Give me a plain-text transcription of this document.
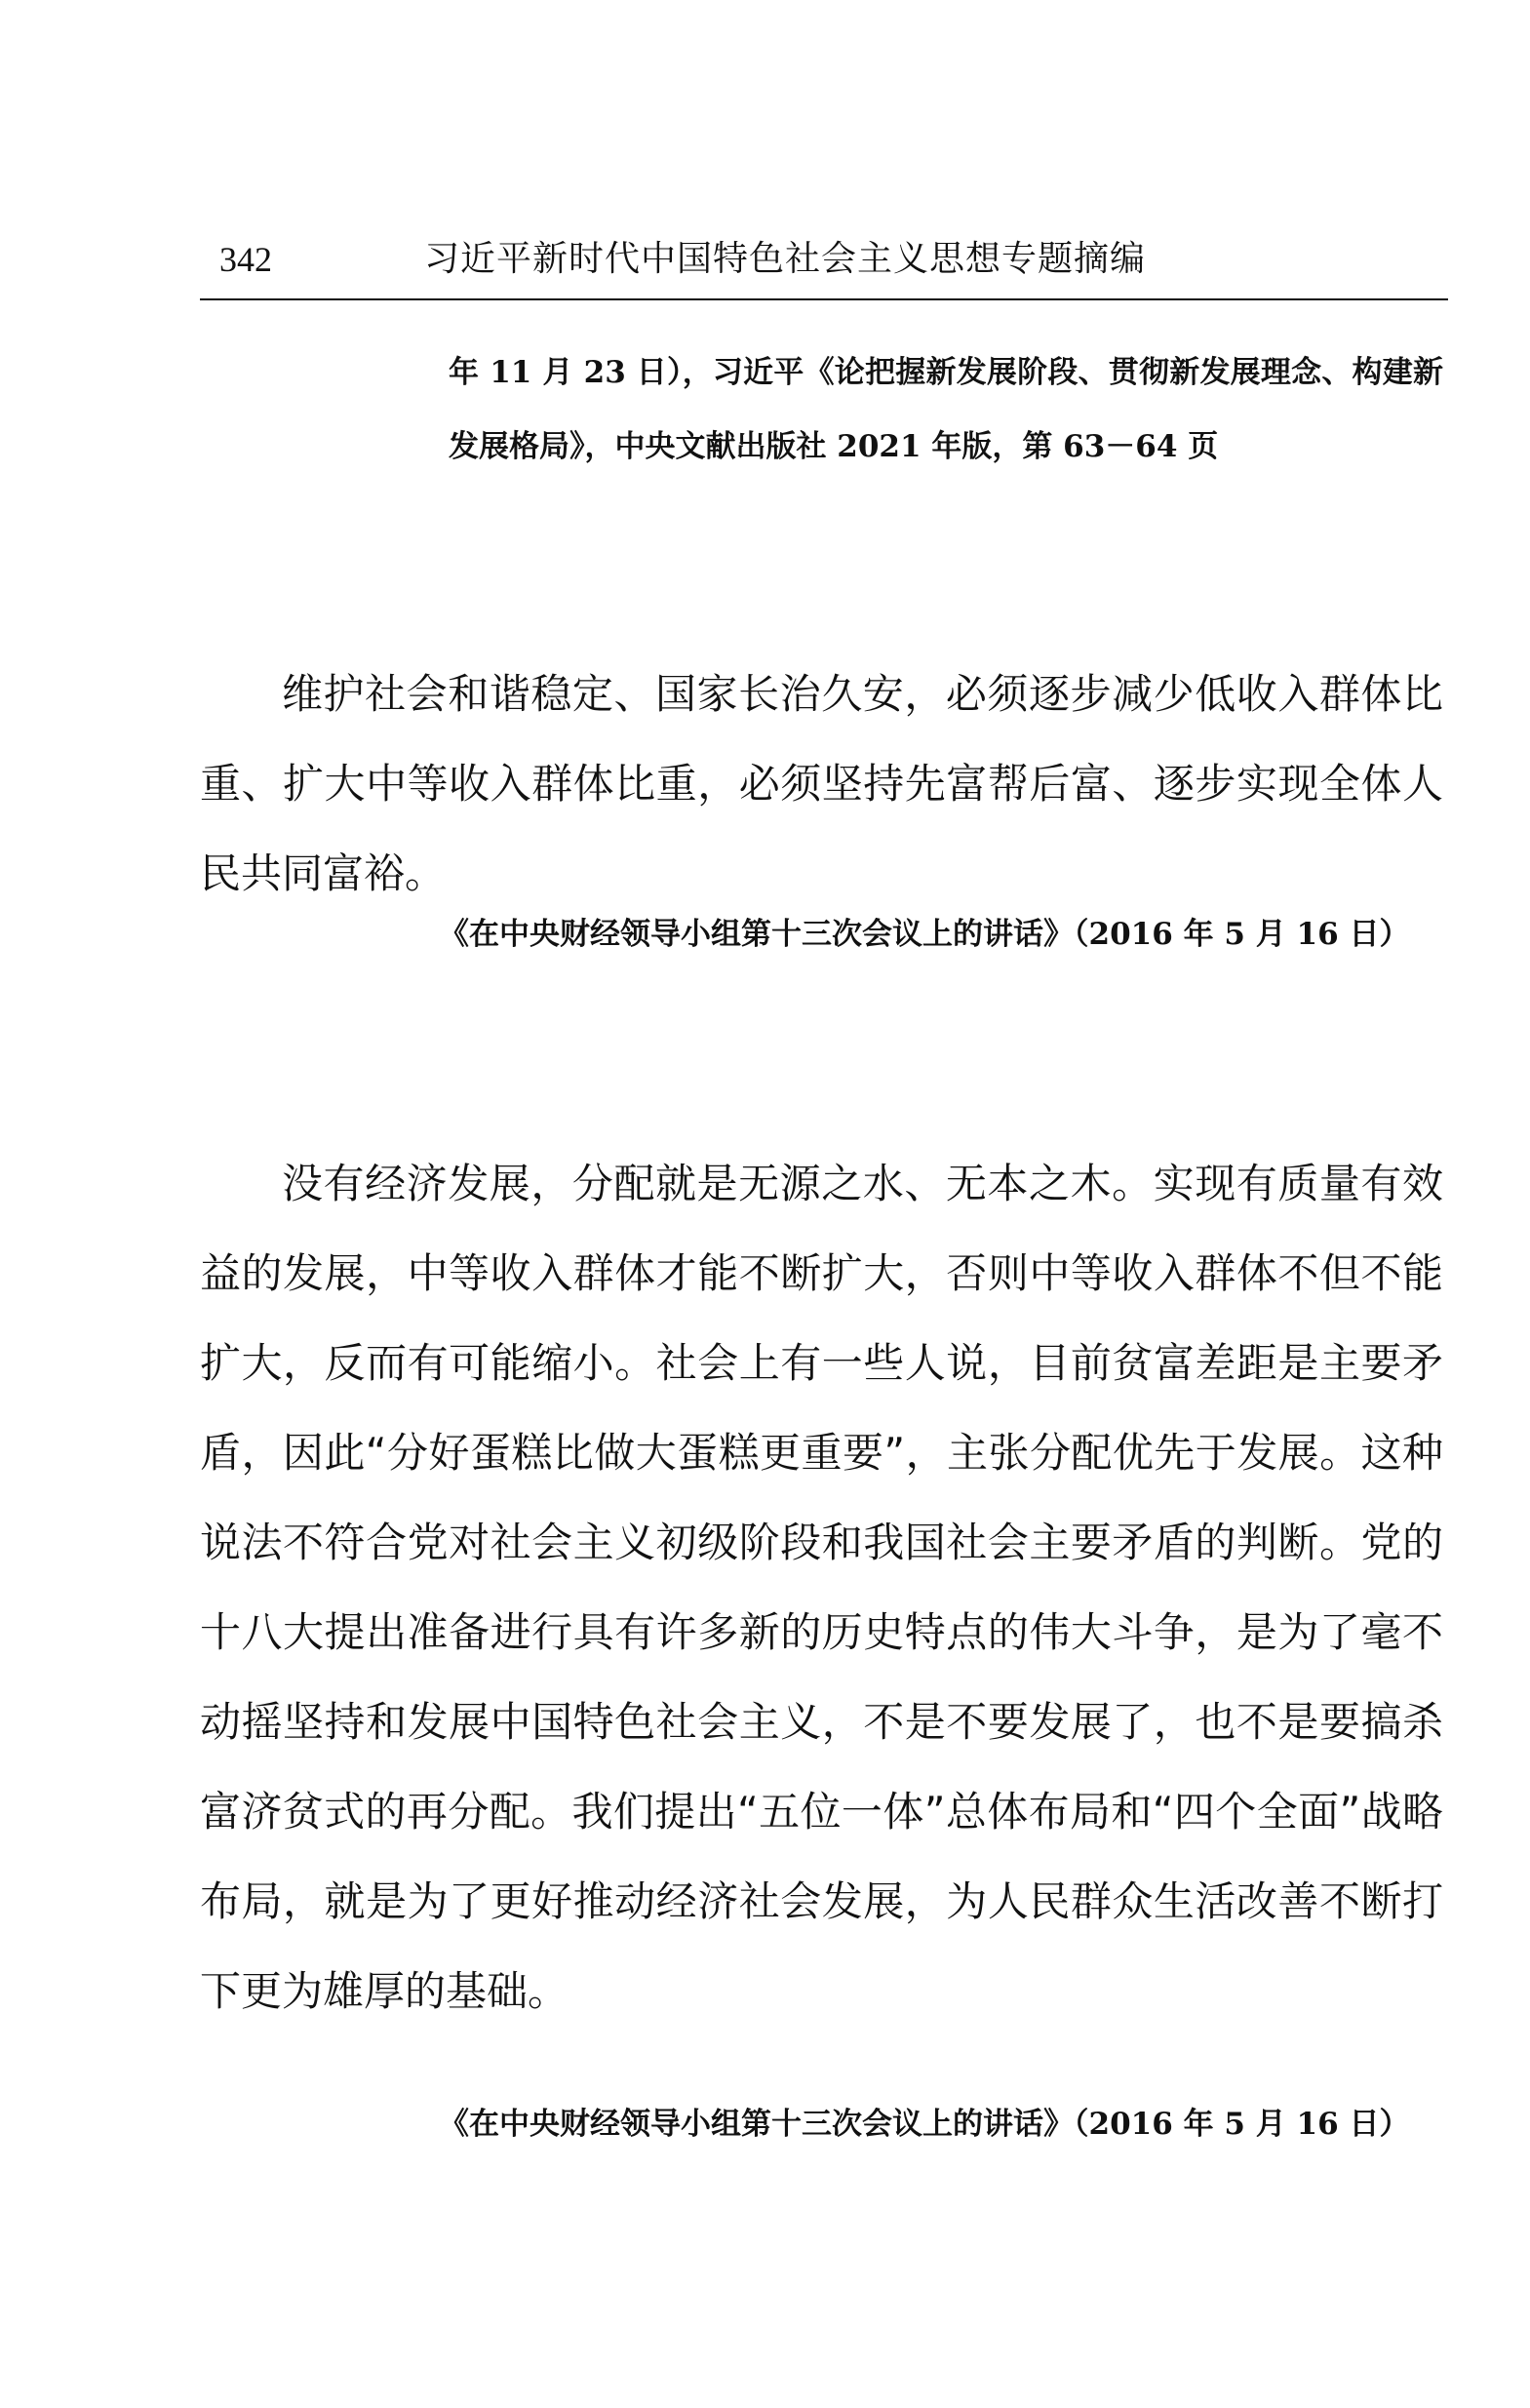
342	习近平新时代中国特色社会主义思想专题摘编
年 11 月 23 日），习近平《论把握新发展阶段、贯彻新发展理念、构建新发展格局》，中央文献出版社 2021 年版，第 63－64 页
维护社会和谐稳定、国家长治久安，必须逐步减少低收入群体比重、扩大中等收入群体比重，必须坚持先富帮后富、逐步实现全体人民共同富裕。
《在中央财经领导小组第十三次会议上的讲话》（2016 年 5 月 16 日）
没有经济发展，分配就是无源之水、无本之木。实现有质量有效益的发展，中等收入群体才能不断扩大，否则中等收入群体不但不能扩大，反而有可能缩小。社会上有一些人说，目前贫富差距是主要矛盾，因此“分好蛋糕比做大蛋糕更重要”，主张分配优先于发展。这种说法不符合党对社会主义初级阶段和我国社会主要矛盾的判断。党的十八大提出准备进行具有许多新的历史特点的伟大斗争，是为了毫不动摇坚持和发展中国特色社会主义，不是不要发展了，也不是要搞杀富济贫式的再分配。我们提出“五位一体”总体布局和“四个全面”战略布局，就是为了更好推动经济社会发展，为人民群众生活改善不断打下更为雄厚的基础。
《在中央财经领导小组第十三次会议上的讲话》（2016 年 5 月 16 日）
